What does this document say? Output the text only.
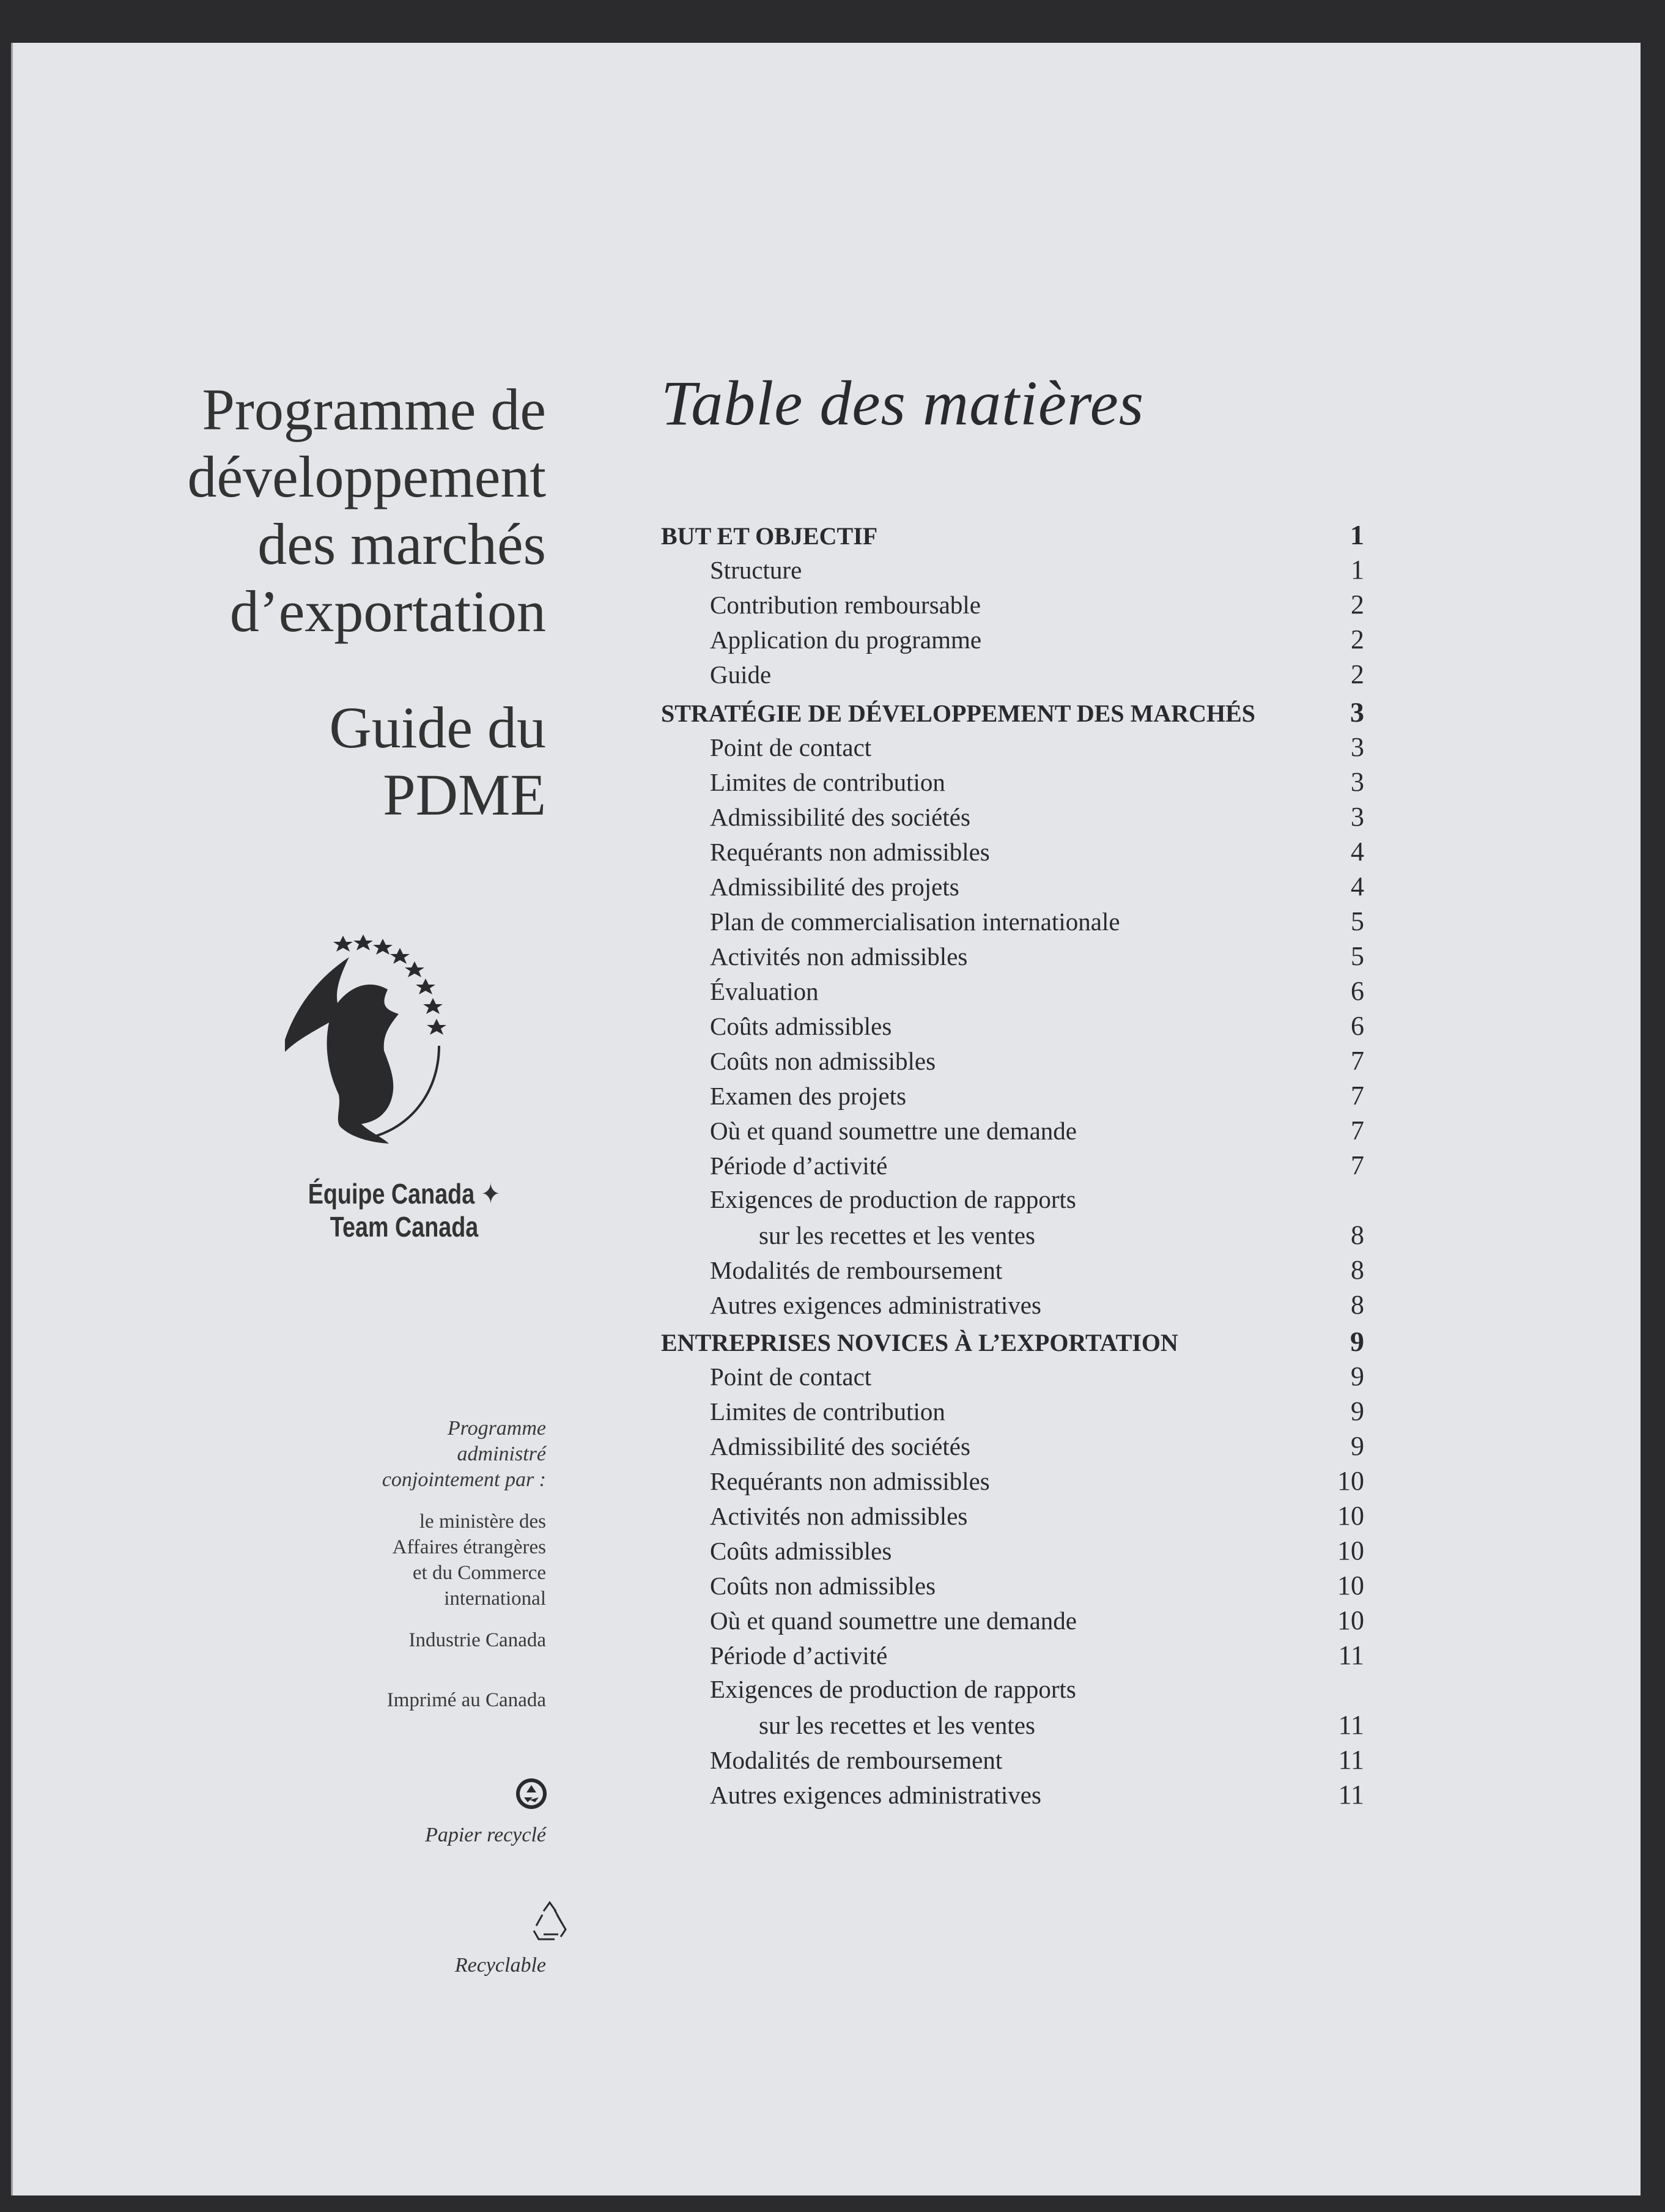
Programme de
développement
des marchés
d’exportation
Guide du
PDME
Équipe Canada ✦ Team Canada
Programme
administré
conjointement par :
le ministère des
Affaires étrangères
et du Commerce
international
Industrie Canada
Imprimé au Canada
Papier recyclé
Recyclable
Table des matières
BUT ET OBJECTIF	1
Structure	1
Contribution remboursable	2
Application du programme	2
Guide	2
STRATÉGIE DE DÉVELOPPEMENT DES MARCHÉS	3
Point de contact	3
Limites de contribution	3
Admissibilité des sociétés	3
Requérants non admissibles	4
Admissibilité des projets	4
Plan de commercialisation internationale	5
Activités non admissibles	5
Évaluation	6
Coûts admissibles	6
Coûts non admissibles	7
Examen des projets	7
Où et quand soumettre une demande	7
Période d’activité	7
Exigences de production de rapports
sur les recettes et les ventes	8
Modalités de remboursement	8
Autres exigences administratives	8
ENTREPRISES NOVICES À L’EXPORTATION	9
Point de contact	9
Limites de contribution	9
Admissibilité des sociétés	9
Requérants non admissibles	10
Activités non admissibles	10
Coûts admissibles	10
Coûts non admissibles	10
Où et quand soumettre une demande	10
Période d’activité	11
Exigences de production de rapports
sur les recettes et les ventes	11
Modalités de remboursement	11
Autres exigences administratives	11
